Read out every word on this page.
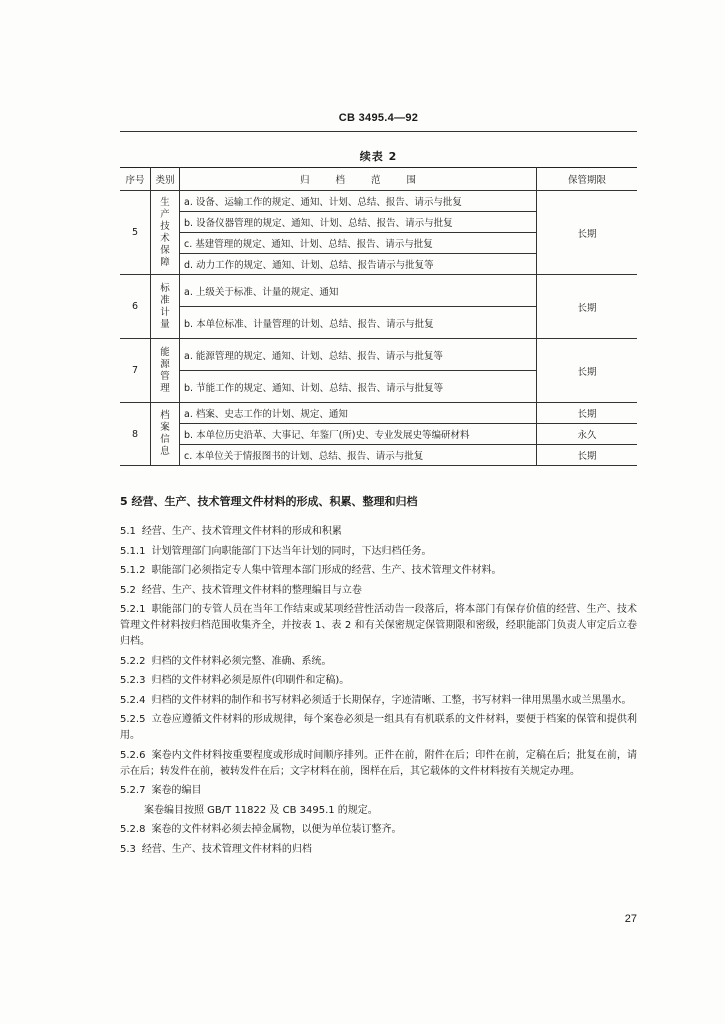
CB 3495.4—92
续表 2
序号	类别	归档范围	保管期限
5	生产技术保障	a. 设备、运输工作的规定、通知、计划、总结、报告、请示与批复	长期
		b. 设备仪器管理的规定、通知、计划、总结、报告、请示与批复	
		c. 基建管理的规定、通知、计划、总结、报告、请示与批复	
		d. 动力工作的规定、通知、计划、总结、报告请示与批复等	
6	标准计量	a. 上级关于标准、计量的规定、通知	长期
		b. 本单位标准、计量管理的计划、总结、报告、请示与批复	
7	能源管理	a. 能源管理的规定、通知、计划、总结、报告、请示与批复等	长期
		b. 节能工作的规定、通知、计划、总结、报告、请示与批复等	
8	档案信息	a. 档案、史志工作的计划、规定、通知	长期
		b. 本单位历史沿革、大事记、年鉴厂(所)史、专业发展史等编研材料	永久
		c. 本单位关于情报图书的计划、总结、报告、请示与批复	长期
5 经营、生产、技术管理文件材料的形成、积累、整理和归档

5.1 经营、生产、技术管理文件材料的形成和积累

5.1.1 计划管理部门向职能部门下达当年计划的同时，下达归档任务。

5.1.2 职能部门必须指定专人集中管理本部门形成的经营、生产、技术管理文件材料。

5.2 经营、生产、技术管理文件材料的整理编目与立卷

5.2.1 职能部门的专管人员在当年工作结束或某项经营性活动告一段落后，将本部门有保存价值的经营、生产、技术管理文件材料按归档范围收集齐全，并按表 1、表 2 和有关保密规定保管期限和密级，经职能部门负责人审定后立卷归档。

5.2.2 归档的文件材料必须完整、准确、系统。

5.2.3 归档的文件材料必须是原件(印刷件和定稿)。

5.2.4 归档的文件材料的制作和书写材料必须适于长期保存，字迹清晰、工整，书写材料一律用黑墨水或兰黑墨水。

5.2.5 立卷应遵循文件材料的形成规律，每个案卷必须是一组具有有机联系的文件材料，要便于档案的保管和提供利用。

5.2.6 案卷内文件材料按重要程度或形成时间顺序排列。正件在前，附件在后；印件在前，定稿在后；批复在前，请示在后；转发件在前，被转发件在后；文字材料在前，图样在后，其它载体的文件材料按有关规定办理。

5.2.7 案卷的编目

案卷编目按照 GB/T 11822 及 CB 3495.1 的规定。

5.2.8 案卷的文件材料必须去掉金属物，以便为单位装订整齐。

5.3 经营、生产、技术管理文件材料的归档

27
